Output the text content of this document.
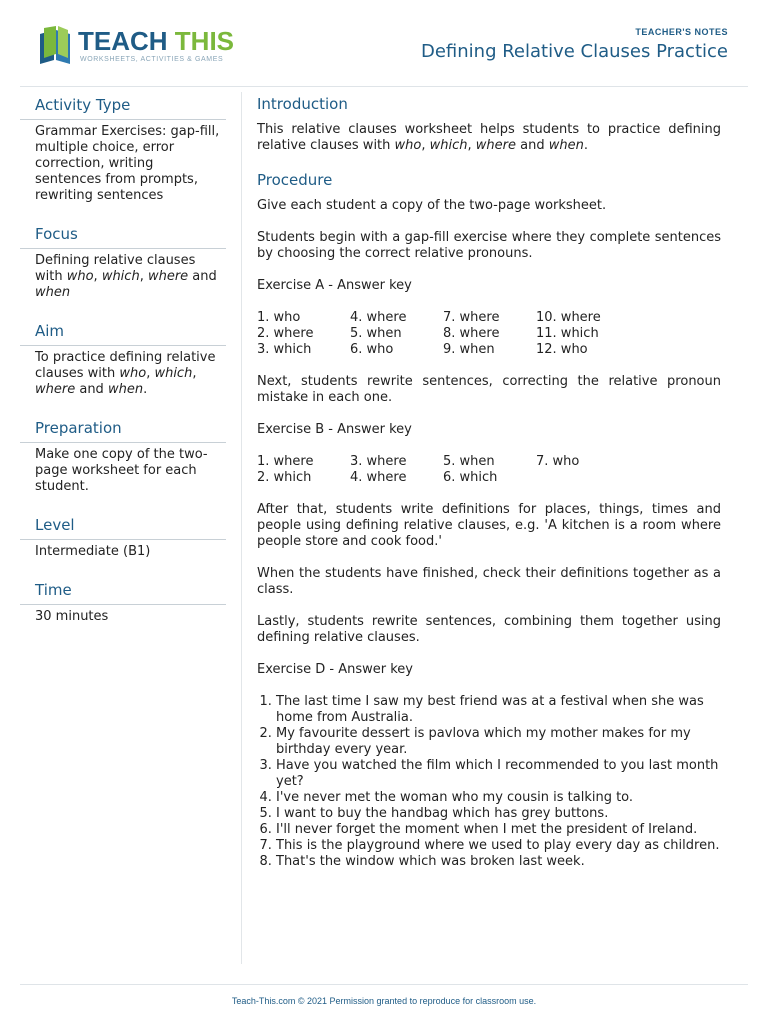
TEACH THIS
WORKSHEETS, ACTIVITIES & GAMES
TEACHER'S NOTES
Defining Relative Clauses Practice
Activity Type
Grammar Exercises: gap-fill, multiple choice, error correction, writing sentences from prompts, rewriting sentences
Focus
Defining relative clauses with who, which, where and when
Aim
To practice defining relative clauses with who, which, where and when.
Preparation
Make one copy of the two-page worksheet for each student.
Level
Intermediate (B1)
Time
30 minutes
Introduction
This relative clauses worksheet helps students to practice defining relative clauses with who, which, where and when.
Procedure
Give each student a copy of the two-page worksheet.
Students begin with a gap-fill exercise where they complete sentences by choosing the correct relative pronouns.
Exercise A - Answer key
1. who	4. where	7. where	10. where
2. where	5. when	8. where	11. which
3. which	6. who	9. when	12. who
Next, students rewrite sentences, correcting the relative pronoun mistake in each one.
Exercise B - Answer key
1. where	3. where	5. when	7. who
2. which	4. where	6. which
After that, students write definitions for places, things, times and people using defining relative clauses, e.g. 'A kitchen is a room where people store and cook food.'
When the students have finished, check their definitions together as a class.
Lastly, students rewrite sentences, combining them together using defining relative clauses.
Exercise D - Answer key
1. The last time I saw my best friend was at a festival when she was home from Australia.
2. My favourite dessert is pavlova which my mother makes for my birthday every year.
3. Have you watched the film which I recommended to you last month yet?
4. I've never met the woman who my cousin is talking to.
5. I want to buy the handbag which has grey buttons.
6. I'll never forget the moment when I met the president of Ireland.
7. This is the playground where we used to play every day as children.
8. That's the window which was broken last week.
Teach-This.com © 2021 Permission granted to reproduce for classroom use.
